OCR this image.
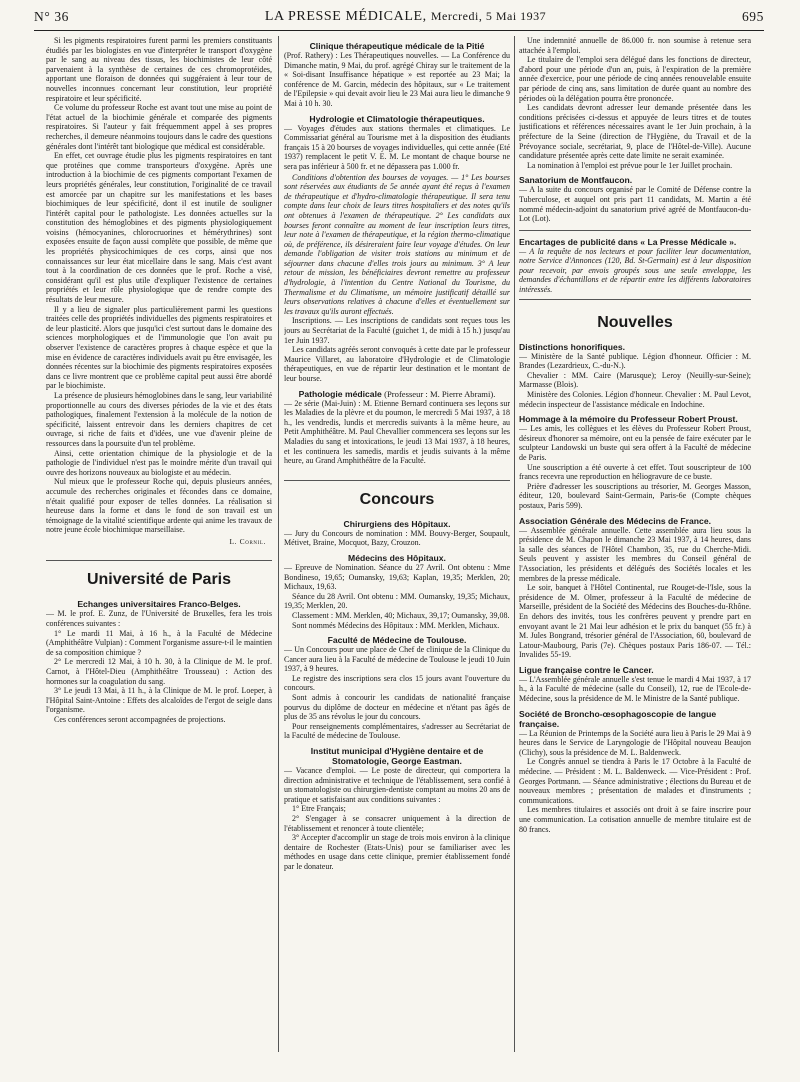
N° 36	LA PRESSE MÉDICALE, Mercredi, 5 Mai 1937	695

Si les pigments respiratoires furent parmi les premiers constituants étudiés par les biologistes en vue d'interpréter le transport d'oxygène par le sang au niveau des tissus, les biochimistes de leur côté parvenaient à la synthèse de certaines de ces chromoprotéides, apportant une floraison de données qui suggéraient à leur tour de nouvelles inconnues concernant leur constitution, leur propriété respiratoire et leur spécificité.

Ce volume du professeur Roche est avant tout une mise au point de l'état actuel de la biochimie générale et comparée des pigments respiratoires. Si l'auteur y fait fréquemment appel à ses propres recherches, il demeure néanmoins toujours dans le cadre des questions générales dont l'intérêt tant biologique que médical est considérable.

En effet, cet ouvrage étudie plus les pigments respiratoires en tant que protéines que comme transporteurs d'oxygène. Après une introduction à la biochimie de ces pigments comportant l'examen de leurs propriétés générales, leur constitution, l'originalité de ce travail est amorcée par un chapitre sur les manifestations et les bases biochimiques de leur spécificité, dont il est inutile de souligner l'intérêt capital pour le pathologiste. Les données actuelles sur la constitution des hémoglobines et des pigments physiologiquement voisins (hémocyanines, chlorocruorines et hémérythrines) sont exposées ensuite de façon aussi complète que possible, de même que les propriétés physicochimiques de ces corps, ainsi que nos connaissances sur leur état micellaire dans le sang. Mais c'est avant tout à la coordination de ces données que le prof. Roche a visé, considérant qu'il est plus utile d'expliquer l'existence de certaines propriétés et leur rôle physiologique que de rendre compte des résultats de leur mesure.

Il y a lieu de signaler plus particulièrement parmi les questions traitées celle des propriétés individuelles des pigments respiratoires et de leur plasticité. Alors que jusqu'ici c'est surtout dans le domaine des sciences morphologiques et de l'immunologie que l'on avait pu observer l'existence de caractères propres à chaque espèce et que la mise en évidence de caractères individuels avait pu être envisagée, les données récentes sur la biochimie des pigments respiratoires exposées dans ce livre montrent que ce problème capital peut aussi être abordé par le biochimiste.

La présence de plusieurs hémoglobines dans le sang, leur variabilité proportionnelle au cours des diverses périodes de la vie et des états pathologiques, finalement l'extension à la molécule de la notion de spécificité, laissent entrevoir dans les derniers chapitres de cet ouvrage, si riche de faits et d'idées, une vue d'avenir pleine de ressources dans la poursuite d'un tel problème.

Ainsi, cette orientation chimique de la physiologie et de la pathologie de l'individuel n'est pas le moindre mérite d'un travail qui ouvre des horizons nouveaux au biologiste et au médecin.

Nul mieux que le professeur Roche qui, depuis plusieurs années, accumule des recherches originales et fécondes dans ce domaine, n'était qualifié pour exposer de telles données. La réalisation si heureuse dans la forme et dans le fond de son travail est un témoignage de la vitalité scientifique ardente qui anime les travaux de notre jeune école biochimique marseillaise.

L. Cornil.
Université de Paris
Echanges universitaires Franco-Belges.

— M. le prof. E. Zunz, de l'Université de Bruxelles, fera les trois conférences suivantes :

1° Le mardi 11 Mai, à 16 h., à la Faculté de Médecine (Amphithéâtre Vulpian) : Comment l'organisme assure-t-il le maintien de sa composition chimique ?

2° Le mercredi 12 Mai, à 10 h. 30, à la Clinique de M. le prof. Carnot, à l'Hôtel-Dieu (Amphithéâtre Trousseau) : Action des hormones sur la coagulation du sang.

3° Le jeudi 13 Mai, à 11 h., à la Clinique de M. le prof. Loeper, à l'Hôpital Saint-Antoine : Effets des alcaloïdes de l'ergot de seigle dans l'organisme.

Ces conférences seront accompagnées de projections.

Clinique thérapeutique médicale de la Pitié

(Prof. Rathery) : Les Thérapeutiques nouvelles. — La Conférence du Dimanche matin, 9 Mai, du prof. agrégé Chiray sur le traitement de la « Soi-disant Insuffisance hépatique » est reportée au 23 Mai; la conférence de M. Garcin, médecin des hôpitaux, sur « Le traitement de l'Epilepsie » qui devait avoir lieu le 23 Mai aura lieu le dimanche 9 Mai à 10 h. 30.

Hydrologie et Climatologie thérapeutiques.

— Voyages d'études aux stations thermales et climatiques. Le Commissariat général au Tourisme met à la disposition des étudiants français 15 à 20 bourses de voyages individuelles, qui cette année (Eté 1937) remplacent le petit V. E. M. Le montant de chaque bourse ne sera pas inférieur à 500 fr. et ne dépassera pas 1.000 fr.

Conditions d'obtention des bourses de voyages. — 1° Les bourses sont réservées aux étudiants de 5e année ayant été reçus à l'examen de thérapeutique et d'hydro-climatologie thérapeutique. Il sera tenu compte dans leur choix de leurs titres hospitaliers et des notes qu'ils ont obtenues à l'examen de thérapeutique. 2° Les candidats aux bourses feront connaître au moment de leur inscription leurs titres, leur note à l'examen de thérapeutique, et la région thermo-climatique où, de préférence, ils désireraient faire leur voyage d'études. On leur demande l'obligation de visiter trois stations au minimum et de séjourner dans chacune d'elles trois jours au minimum. 3° A leur retour de mission, les bénéficiaires devront remettre au professeur d'hydrologie, à l'intention du Centre National du Tourisme, du Thermalisme et du Climatisme, un mémoire justificatif détaillé sur leurs observations relatives à chacune d'elles et éventuellement sur les travaux qu'ils auront effectués.

Inscriptions. — Les inscriptions de candidats sont reçues tous les jours au Secrétariat de la Faculté (guichet 1, de midi à 15 h.) jusqu'au 1er Juin 1937.

Les candidats agréés seront convoqués à cette date par le professeur Maurice Villaret, au laboratoire d'Hydrologie et de Climatologie thérapeutiques, en vue de répartir leur destination et le montant de leur bourse.

Pathologie médicale (Professeur : M. Pierre Abrami).

— 2e série (Mai-Juin) : M. Etienne Bernard continuera ses leçons sur les Maladies de la plèvre et du poumon, le mercredi 5 Mai 1937, à 18 h., les vendredis, lundis et mercredis suivants à la même heure, au Petit Amphithéâtre. M. Paul Chevallier commencera ses leçons sur les Maladies du sang et intoxications, le jeudi 13 Mai 1937, à 18 heures, et les continuera les samedis, mardis et jeudis suivants à la même heure, au Grand Amphithéâtre de la Faculté.

Concours
Chirurgiens des Hôpitaux.

— Jury du Concours de nomination : MM. Bouvy-Berger, Soupault, Métivet, Braine, Mocquot, Bazy, Crouzon.

Médecins des Hôpitaux.

— Epreuve de Nomination. Séance du 27 Avril. Ont obtenu : Mme Bondineso, 19,65; Oumansky, 19,63; Kaplan, 19,35; Merklen, 20; Michaux, 19,63.

Séance du 28 Avril. Ont obtenu : MM. Oumansky, 19,35; Michaux, 19,35; Merklen, 20.

Classement : MM. Merklen, 40; Michaux, 39,17; Oumansky, 39,08.

Sont nommés Médecins des Hôpitaux : MM. Merklen, Michaux.

Faculté de Médecine de Toulouse.

— Un Concours pour une place de Chef de clinique de la Clinique du Cancer aura lieu à la Faculté de médecine de Toulouse le jeudi 10 Juin 1937, à 9 heures.

Le registre des inscriptions sera clos 15 jours avant l'ouverture du concours.

Sont admis à concourir les candidats de nationalité française pourvus du diplôme de docteur en médecine et n'étant pas âgés de plus de 35 ans révolus le jour du concours.

Pour renseignements complémentaires, s'adresser au Secrétariat de la Faculté de médecine de Toulouse.

Institut municipal d'Hygiène dentaire et de Stomatologie, George Eastman.

— Vacance d'emploi. — Le poste de directeur, qui comportera la direction administrative et technique de l'établissement, sera confié à un stomatologiste ou chirurgien-dentiste comptant au moins 20 ans de pratique et satisfaisant aux conditions suivantes :

1° Etre Français;

2° S'engager à se consacrer uniquement à la direction de l'établissement et renoncer à toute clientèle;

3° Accepter d'accomplir un stage de trois mois environ à la clinique dentaire de Rochester (Etats-Unis) pour se familiariser avec les méthodes en usage dans cette clinique, premier établissement fondé par le donateur.

Une indemnité annuelle de 86.000 fr. non soumise à retenue sera attachée à l'emploi.

Le titulaire de l'emploi sera délégué dans les fonctions de directeur, d'abord pour une période d'un an, puis, à l'expiration de la première année d'exercice, pour une période de cinq années renouvelable ensuite par période de cinq ans, sans limitation de durée quant au nombre des périodes où la délégation pourra être prononcée.

Les candidats devront adresser leur demande présentée dans les conditions précisées ci-dessus et appuyée de leurs titres et de toutes justifications et références nécessaires avant le 1er Juin prochain, à la préfecture de la Seine (direction de l'Hygiène, du Travail et de la Prévoyance sociale, secrétariat, 9, place de l'Hôtel-de-Ville). Aucune candidature présentée après cette date limite ne serait examinée.

La nomination à l'emploi est prévue pour le 1er Juillet prochain.

Sanatorium de Montfaucon.

— A la suite du concours organisé par le Comité de Défense contre la Tuberculose, et auquel ont pris part 11 candidats, M. Martin a été nommé médecin-adjoint du sanatorium privé agréé de Montfaucon-du-Lot (Lot).

Encartages de publicité dans « La Presse Médicale ».

— A la requête de nos lecteurs et pour faciliter leur documentation, notre Service d'Annonces (120, Bd. St-Germain) est à leur disposition pour recevoir, par envois groupés sous une seule enveloppe, les demandes d'échantillons et de répartir entre les différents laboratoires intéressés.

Nouvelles
Distinctions honorifiques.

— Ministère de la Santé publique. Légion d'honneur. Officier : M. Brandes (Lezardrieux, C.-du-N.).

Chevalier : MM. Caire (Marusque); Leroy (Neuilly-sur-Seine); Marmasse (Blois).

Ministère des Colonies. Légion d'honneur. Chevalier : M. Paul Levot, médecin inspecteur de l'assistance médicale en Indochine.

Hommage à la mémoire du Professeur Robert Proust.

— Les amis, les collègues et les élèves du Professeur Robert Proust, désireux d'honorer sa mémoire, ont eu la pensée de faire exécuter par le sculpteur Landowski un buste qui sera offert à la Faculté de médecine de Paris.

Une souscription a été ouverte à cet effet. Tout souscripteur de 100 francs recevra une reproduction en héliogravure de ce buste.

Prière d'adresser les souscriptions au trésorier, M. Georges Masson, éditeur, 120, boulevard Saint-Germain, Paris-6e (Compte chèques postaux, Paris 599).

Association Générale des Médecins de France.

— Assemblée générale annuelle. Cette assemblée aura lieu sous la présidence de M. Chapon le dimanche 23 Mai 1937, à 14 heures, dans la salle des séances de l'Hôtel Chambon, 35, rue du Cherche-Midi. Seuls peuvent y assister les membres du Conseil général de l'Association, les présidents et délégués des Sociétés locales et les membres de la presse médicale.

Le soir, banquet à l'Hôtel Continental, rue Rouget-de-l'Isle, sous la présidence de M. Olmer, professeur à la Faculté de médecine de Marseille, président de la Société des Médecins des Bouches-du-Rhône. En dehors des invités, tous les confrères peuvent y prendre part en envoyant avant le 21 Mai leur adhésion et le prix du banquet (55 fr.) à M. Jules Bongrand, trésorier général de l'Association, 60, boulevard de Latour-Maubourg, Paris (7e). Chèques postaux Paris 186-07. — Tél.: Invalides 55-19.

Ligue française contre le Cancer.

— L'Assemblée générale annuelle s'est tenue le mardi 4 Mai 1937, à 17 h., à la Faculté de médecine (salle du Conseil), 12, rue de l'Ecole-de-Médecine, sous la présidence de M. le Ministre de la Santé publique.

Société de Broncho-œsophagoscopie de langue française.

— La Réunion de Printemps de la Société aura lieu à Paris le 29 Mai à 9 heures dans le Service de Laryngologie de l'Hôpital nouveau Beaujon (Clichy), sous la présidence de M. L. Baldenweck.

Le Congrès annuel se tiendra à Paris le 17 Octobre à la Faculté de médecine. — Président : M. L. Baldenweck. — Vice-Président : Prof. Georges Portmann. — Séance administrative ; élections du Bureau et de nouveaux membres ; présentation de malades et d'instruments ; communications.

Les membres titulaires et associés ont droit à se faire inscrire pour une communication. La cotisation annuelle de membre titulaire est de 80 francs.
